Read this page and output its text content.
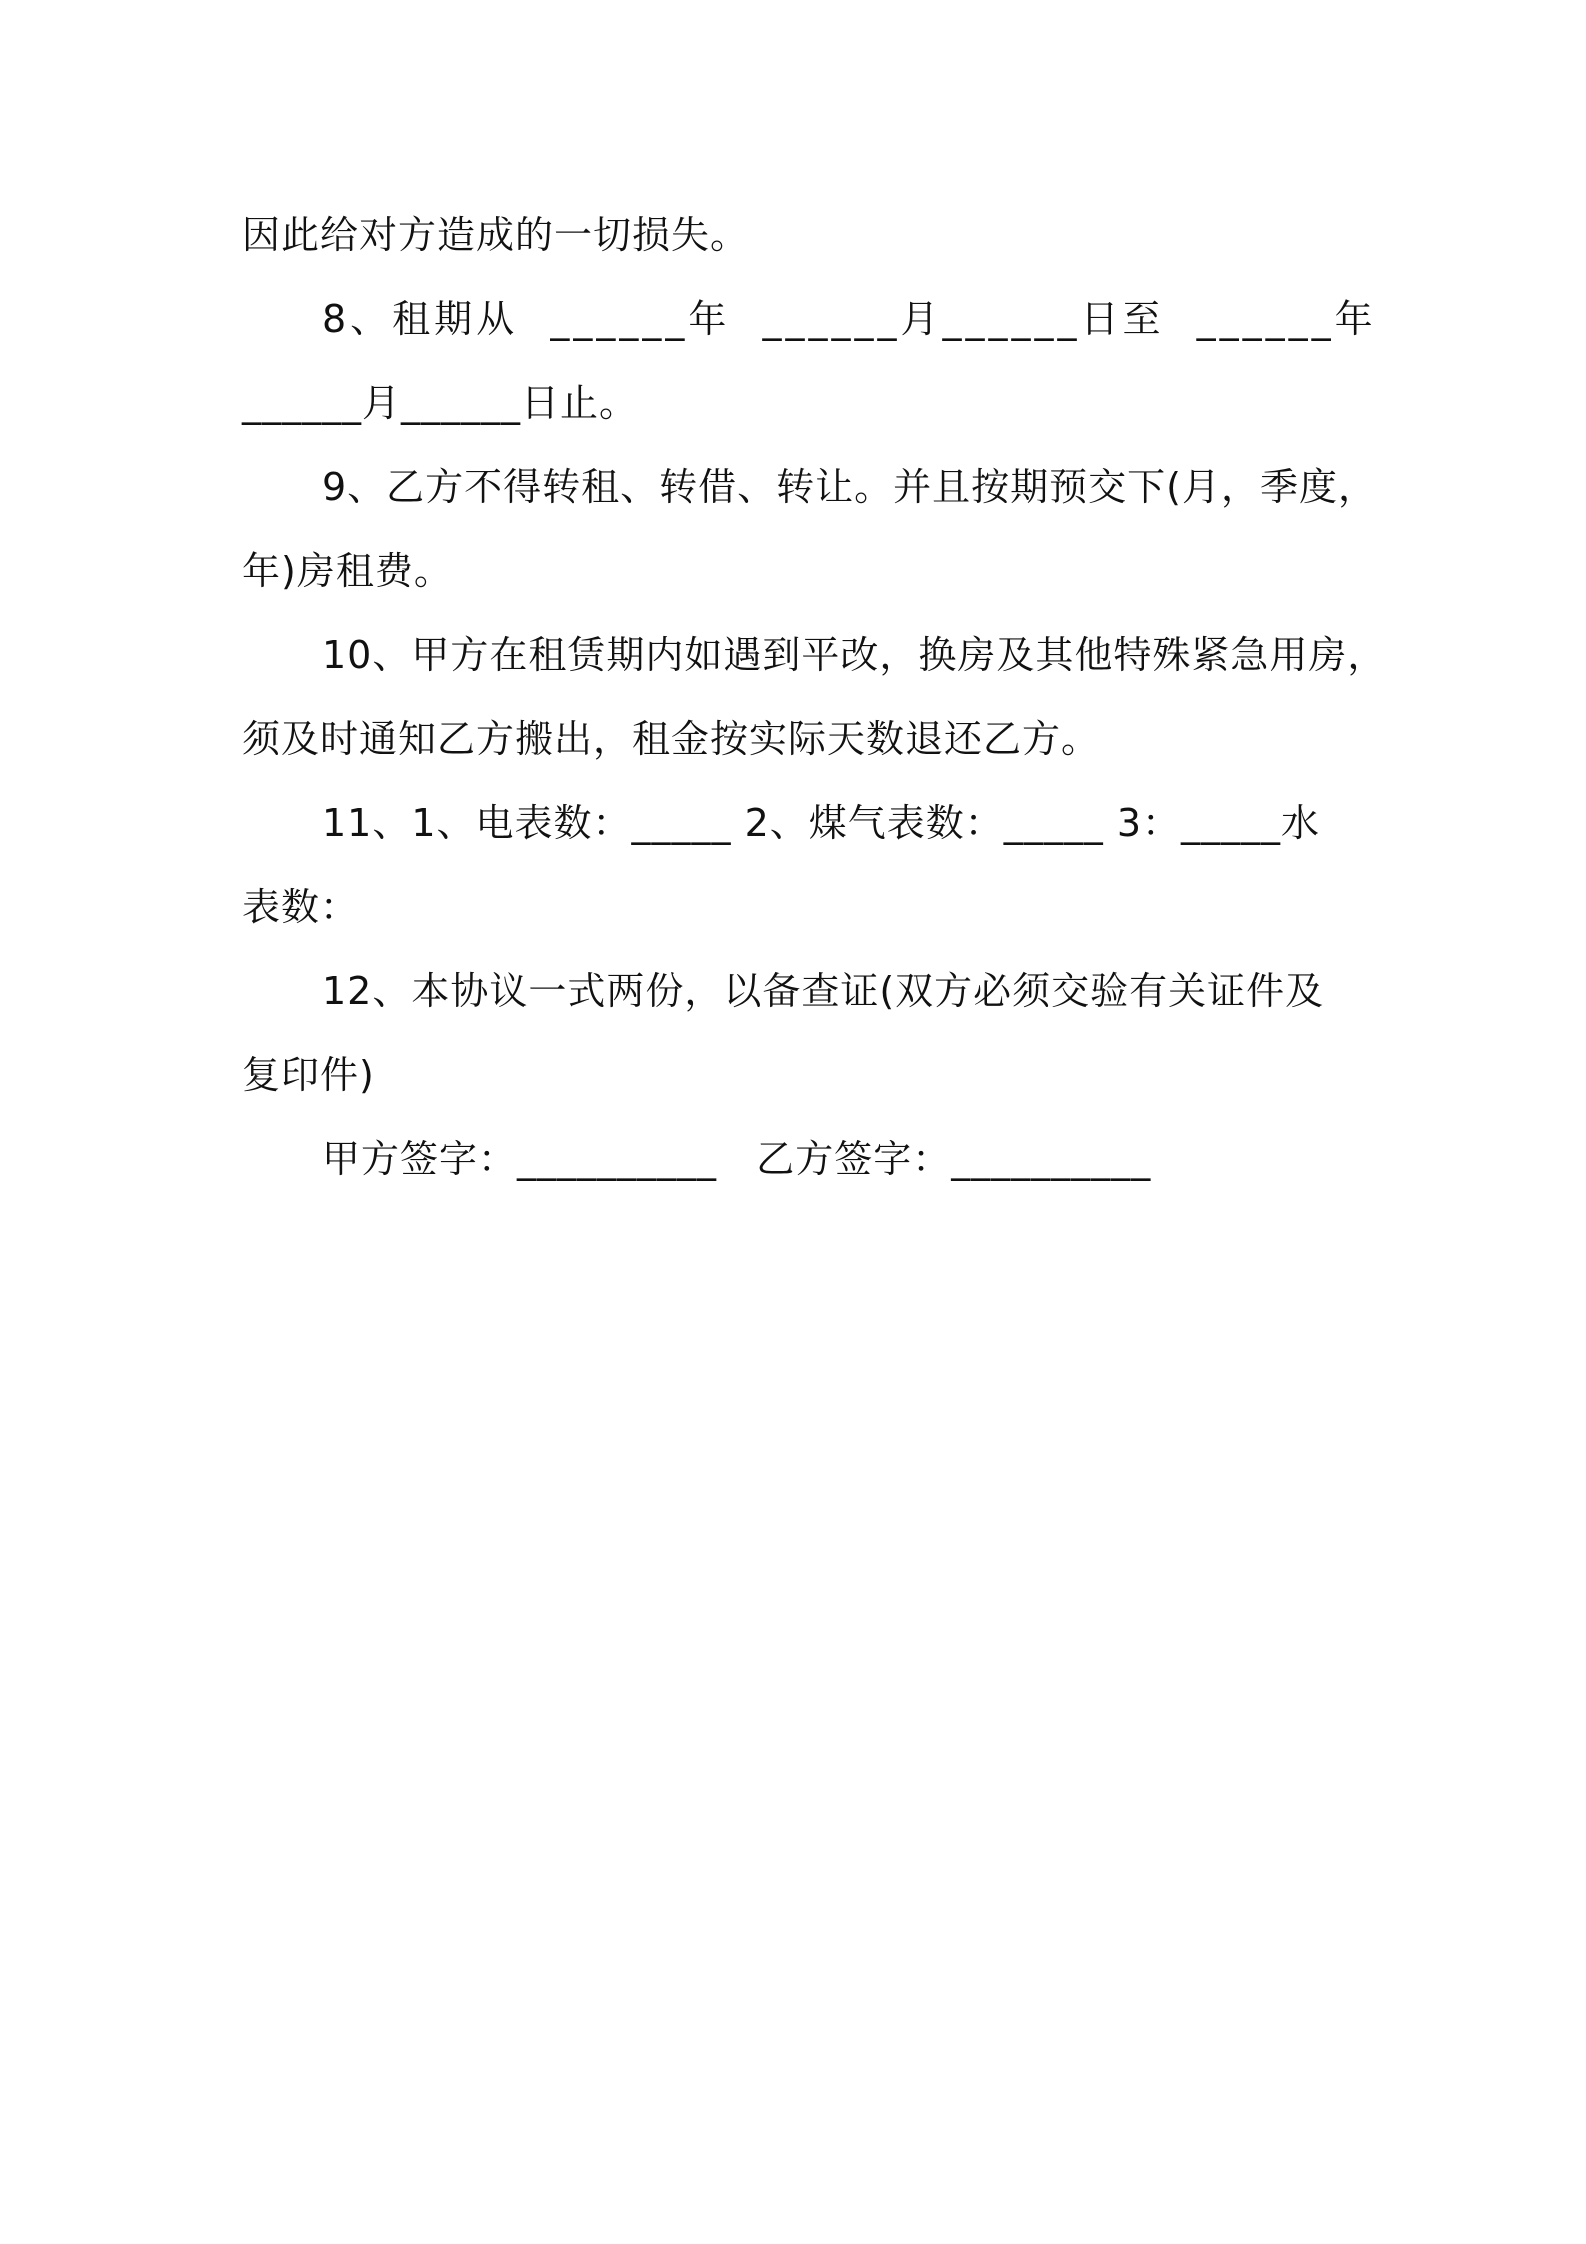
因此给对方造成的一切损失。
8、租期从  ______年  ______月______日至  ______年
______月______日止。
9、乙方不得转租、转借、转让。并且按期预交下(月，季度，
年)房租费。
10、甲方在租赁期内如遇到平改，换房及其他特殊紧急用房，
须及时通知乙方搬出，租金按实际天数退还乙方。
11、1、电表数：_____ 2、煤气表数：_____ 3：_____水
表数：
12、本协议一式两份，以备查证(双方必须交验有关证件及
复印件)
甲方签字：__________ 乙方签字：__________
